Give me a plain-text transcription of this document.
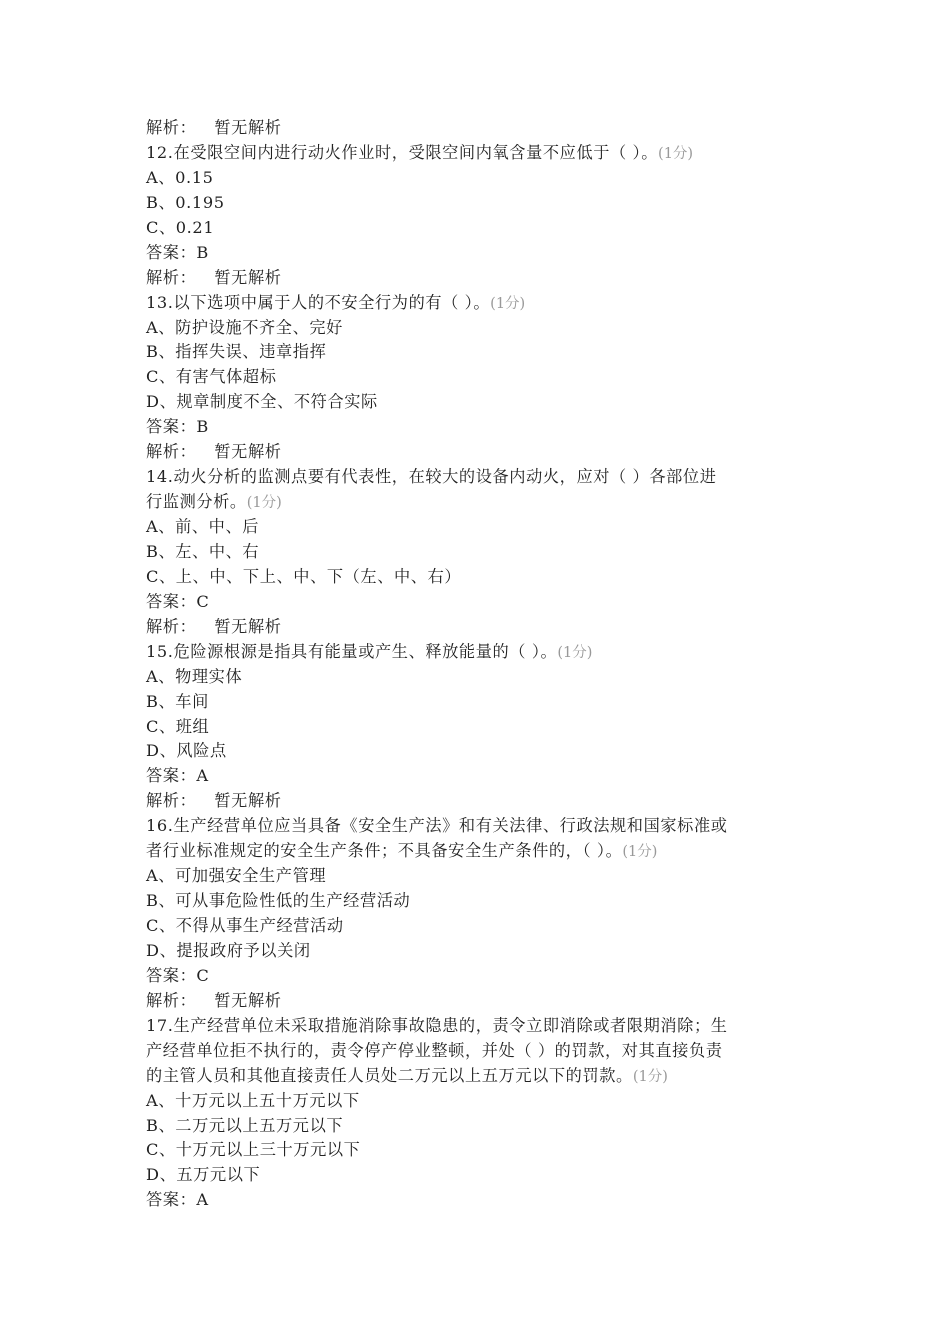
解析： 暂无解析
12.在受限空间内进行动火作业时，受限空间内氧含量不应低于（ ）。(1分)
A、0.15
B、0.195
C、0.21
答案：B
解析： 暂无解析
13.以下选项中属于人的不安全行为的有（ ）。(1分)
A、防护设施不齐全、完好
B、指挥失误、违章指挥
C、有害气体超标
D、规章制度不全、不符合实际
答案：B
解析： 暂无解析
14.动火分析的监测点要有代表性，在较大的设备内动火，应对（ ）各部位进
行监测分析。(1分)
A、前、中、后
B、左、中、右
C、上、中、下上、中、下（左、中、右）
答案：C
解析： 暂无解析
15.危险源根源是指具有能量或产生、释放能量的（ ）。(1分)
A、物理实体
B、车间
C、班组
D、风险点
答案：A
解析： 暂无解析
16.生产经营单位应当具备《安全生产法》和有关法律、行政法规和国家标准或
者行业标准规定的安全生产条件；不具备安全生产条件的，（ ）。(1分)
A、可加强安全生产管理
B、可从事危险性低的生产经营活动
C、不得从事生产经营活动
D、提报政府予以关闭
答案：C
解析： 暂无解析
17.生产经营单位未采取措施消除事故隐患的，责令立即消除或者限期消除；生
产经营单位拒不执行的，责令停产停业整顿，并处（ ）的罚款，对其直接负责
的主管人员和其他直接责任人员处二万元以上五万元以下的罚款。(1分)
A、十万元以上五十万元以下
B、二万元以上五万元以下
C、十万元以上三十万元以下
D、五万元以下
答案：A
